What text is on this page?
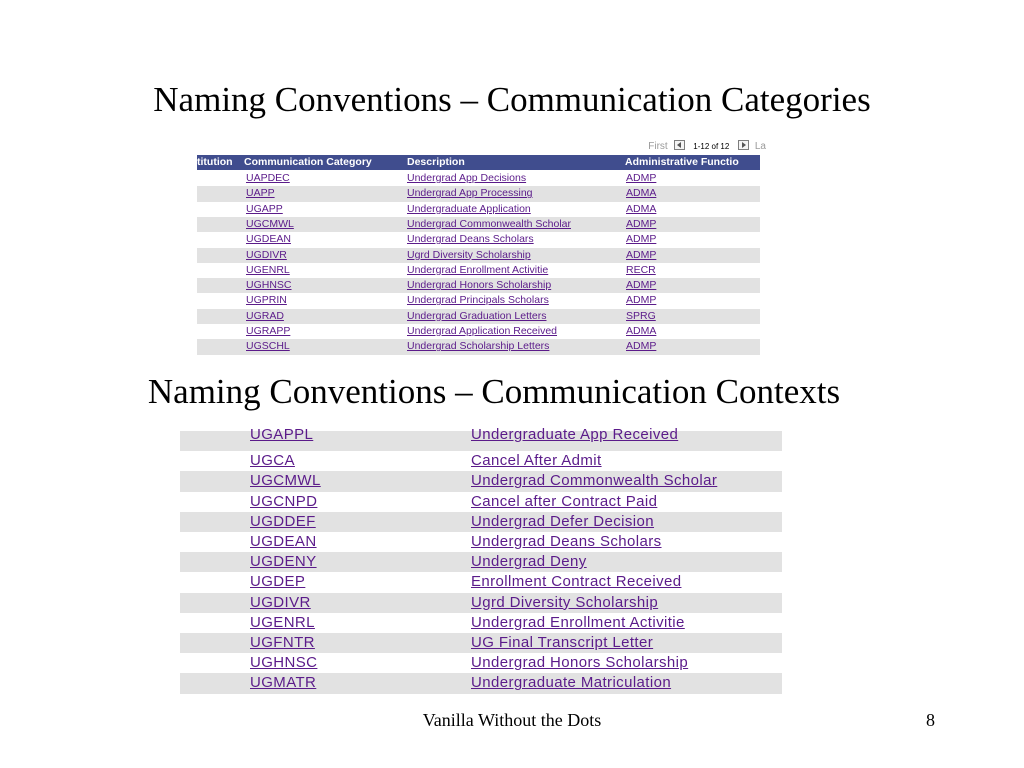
Naming Conventions – Communication Categories
First	1-12 of 12	La
titution Communication Category	Description	Administrative Functio
UAPDEC	Undergrad App Decisions	ADMP
UAPP	Undergrad App Processing	ADMA
UGAPP	Undergraduate Application	ADMA
UGCMWL	Undergrad Commonwealth Scholar	ADMP
UGDEAN	Undergrad Deans Scholars	ADMP
UGDIVR	Ugrd Diversity Scholarship	ADMP
UGENRL	Undergrad Enrollment Activitie	RECR
UGHNSC	Undergrad Honors Scholarship	ADMP
UGPRIN	Undergrad Principals Scholars	ADMP
UGRAD	Undergrad Graduation Letters	SPRG
UGRAPP	Undergrad Application Received	ADMA
UGSCHL	Undergrad Scholarship Letters	ADMP
Naming Conventions – Communication Contexts
UGAPPL	Undergraduate App Received
UGCA	Cancel After Admit
UGCMWL	Undergrad Commonwealth Scholar
UGCNPD	Cancel after Contract Paid
UGDDEF	Undergrad Defer Decision
UGDEAN	Undergrad Deans Scholars
UGDENY	Undergrad Deny
UGDEP	Enrollment Contract Received
UGDIVR	Ugrd Diversity Scholarship
UGENRL	Undergrad Enrollment Activitie
UGFNTR	UG Final Transcript Letter
UGHNSC	Undergrad Honors Scholarship
UGMATR	Undergraduate Matriculation
Vanilla Without the Dots	8
